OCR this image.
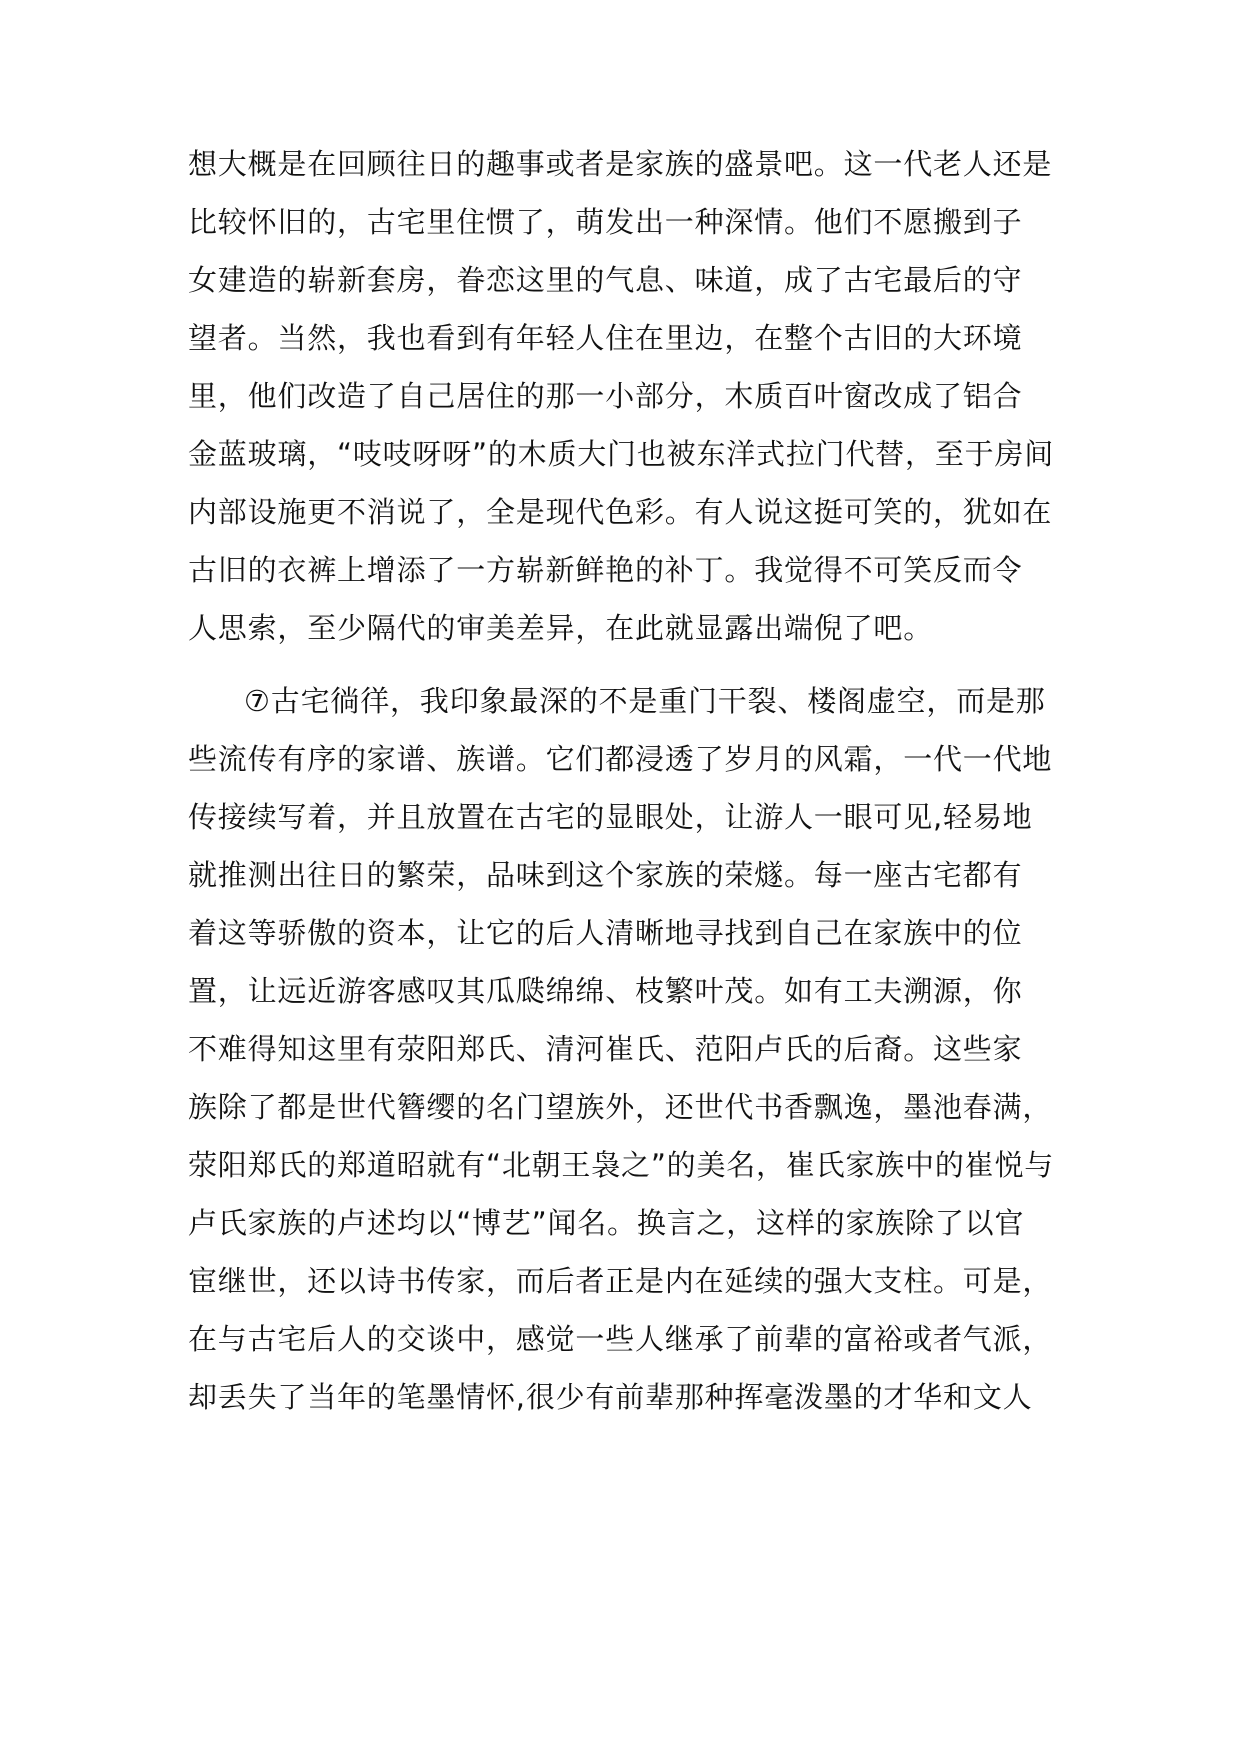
想大概是在回顾往日的趣事或者是家族的盛景吧。这一代老人还是
比较怀旧的，古宅里住惯了，萌发出一种深情。他们不愿搬到子
女建造的崭新套房，眷恋这里的气息、味道，成了古宅最后的守
望者。当然，我也看到有年轻人住在里边，在整个古旧的大环境
里，他们改造了自己居住的那一小部分，木质百叶窗改成了铝合
金蓝玻璃，“吱吱呀呀”的木质大门也被东洋式拉门代替，至于房间
内部设施更不消说了，全是现代色彩。有人说这挺可笑的，犹如在
古旧的衣裤上增添了一方崭新鲜艳的补丁。我觉得不可笑反而令
人思索，至少隔代的审美差异，在此就显露出端倪了吧。
⑦古宅徜徉，我印象最深的不是重门干裂、楼阁虚空，而是那
些流传有序的家谱、族谱。它们都浸透了岁月的风霜，一代一代地
传接续写着，并且放置在古宅的显眼处，让游人一眼可见,轻易地
就推测出往日的繁荣，品味到这个家族的荣燧。每一座古宅都有
着这等骄傲的资本，让它的后人清晰地寻找到自己在家族中的位
置，让远近游客感叹其瓜瓞绵绵、枝繁叶茂。如有工夫溯源，你
不难得知这里有荥阳郑氏、清河崔氏、范阳卢氏的后裔。这些家
族除了都是世代簪缨的名门望族外，还世代书香飘逸，墨池春满，
荥阳郑氏的郑道昭就有“北朝王袅之”的美名，崔氏家族中的崔悦与
卢氏家族的卢述均以“博艺”闻名。换言之，这样的家族除了以官
宦继世，还以诗书传家，而后者正是内在延续的强大支柱。可是，
在与古宅后人的交谈中，感觉一些人继承了前辈的富裕或者气派，
却丢失了当年的笔墨情怀,很少有前辈那种挥毫泼墨的才华和文人
